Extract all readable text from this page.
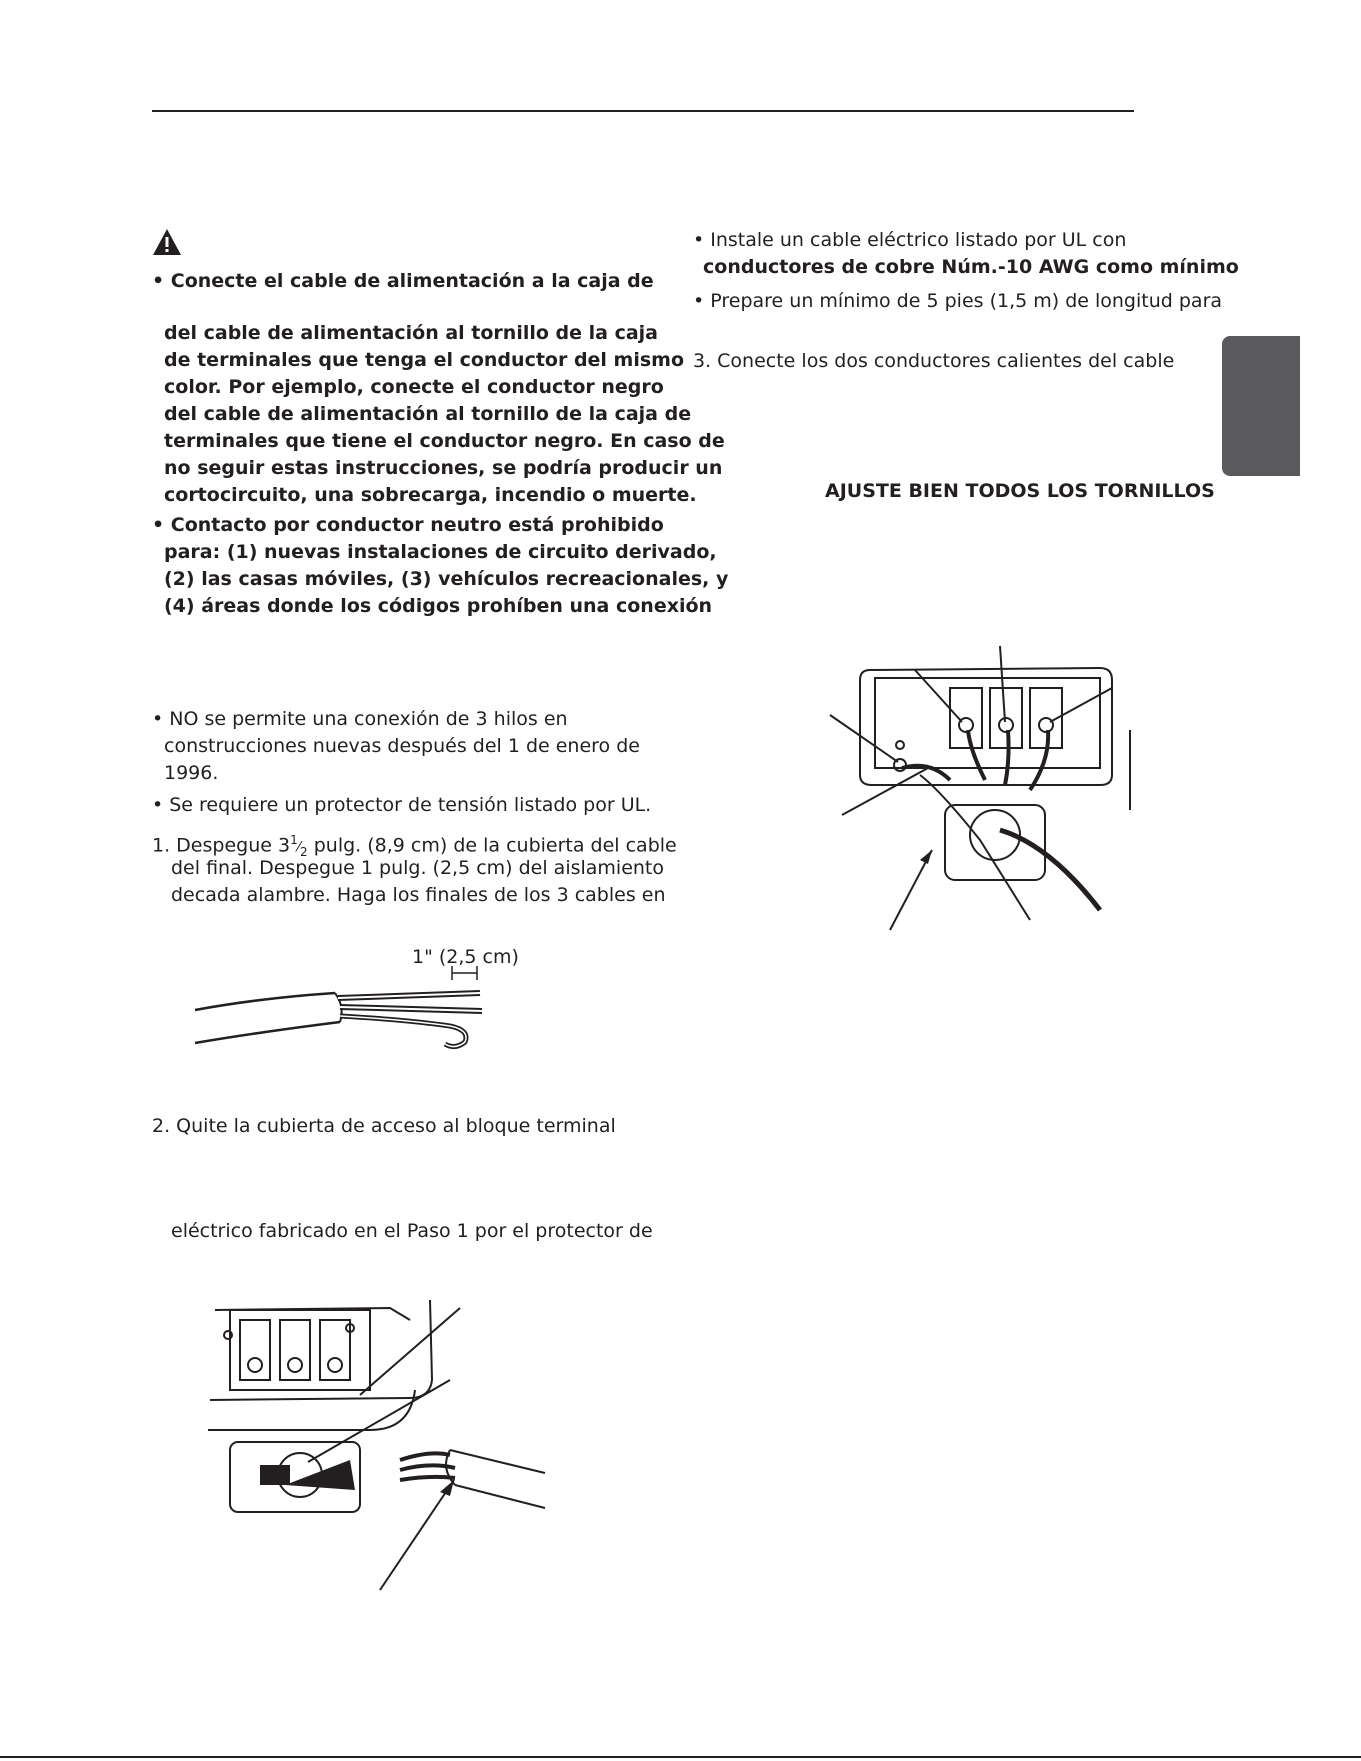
• Conecte el cable de alimentación a la caja de
del cable de alimentación al tornillo de la caja
de terminales que tenga el conductor del mismo
color. Por ejemplo, conecte el conductor negro
del cable de alimentación al tornillo de la caja de
terminales que tiene el conductor negro. En caso de
no seguir estas instrucciones, se podría producir un
cortocircuito, una sobrecarga, incendio o muerte.
• Contacto por conductor neutro está prohibido
para: (1) nuevas instalaciones de circuito derivado,
(2) las casas móviles, (3) vehículos recreacionales, y
(4) áreas donde los códigos prohíben una conexión
• NO se permite una conexión de 3 hilos en
construcciones nuevas después del 1 de enero de
1996.
• Se requiere un protector de tensión listado por UL.
1. Despegue $3^1⁄_2$ pulg. (8,9 cm) de la cubierta del cable
del final. Despegue 1 pulg. (2,5 cm) del aislamiento
decada alambre. Haga los finales de los 3 cables en
1" (2,5 cm)
2. Quite la cubierta de acceso al bloque terminal
eléctrico fabricado en el Paso 1 por el protector de
• Instale un cable eléctrico listado por UL con
conductores de cobre Núm.-10 AWG como mínimo
• Prepare un mínimo de 5 pies (1,5 m) de longitud para
3. Conecte los dos conductores calientes del cable
AJUSTE BIEN TODOS LOS TORNILLOS
